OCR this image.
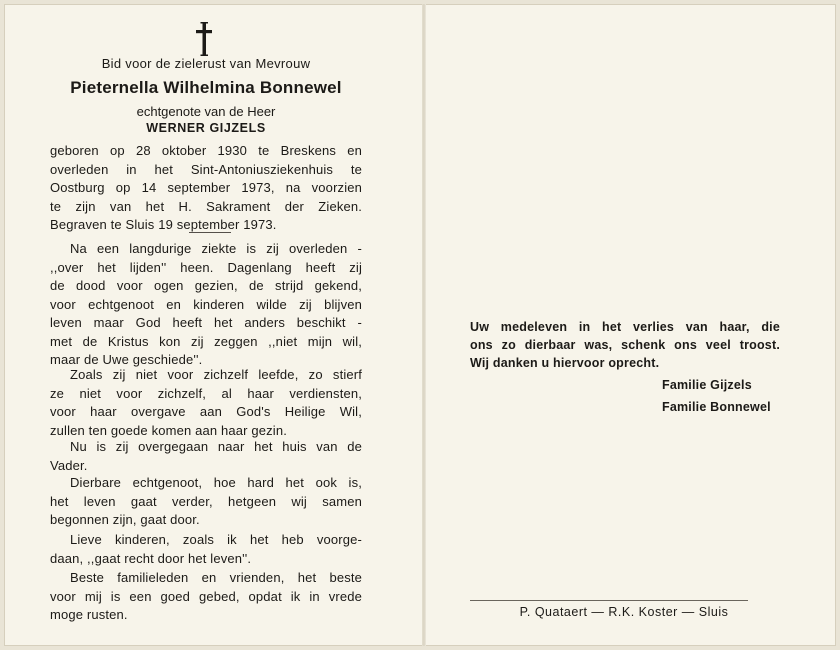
Bid voor de zielerust van Mevrouw
Pieternella Wilhelmina Bonnewel
echtgenote van de Heer
WERNER GIJZELS
geboren op 28 oktober 1930 te Breskens en
overleden in het Sint-Antoniusziekenhuis te
Oostburg op 14 september 1973, na voorzien
te zijn van het H. Sakrament der Zieken.
Begraven te Sluis 19 september 1973.
Na een langdurige ziekte is zij overleden -
,,over het lijden'' heen. Dagenlang heeft zij
de dood voor ogen gezien, de strijd gekend,
voor echtgenoot en kinderen wilde zij blijven
leven maar God heeft het anders beschikt -
met de Kristus kon zij zeggen ,,niet mijn wil,
maar de Uwe geschiede''.
Zoals zij niet voor zichzelf leefde, zo stierf
ze niet voor zichzelf, al haar verdiensten,
voor haar overgave aan God's Heilige Wil,
zullen ten goede komen aan haar gezin.
Nu is zij overgegaan naar het huis van de
Vader.
Dierbare echtgenoot, hoe hard het ook is,
het leven gaat verder, hetgeen wij samen
begonnen zijn, gaat door.
Lieve kinderen, zoals ik het heb voorge-
daan, ,,gaat recht door het leven''.
Beste familieleden en vrienden, het beste
voor mij is een goed gebed, opdat ik in vrede
moge rusten.
Uw medeleven in het verlies van haar, die
ons zo dierbaar was, schenk ons veel troost.
Wij danken u hiervoor oprecht.
Familie Gijzels
Familie Bonnewel
P. Quataert — R.K. Koster — Sluis
